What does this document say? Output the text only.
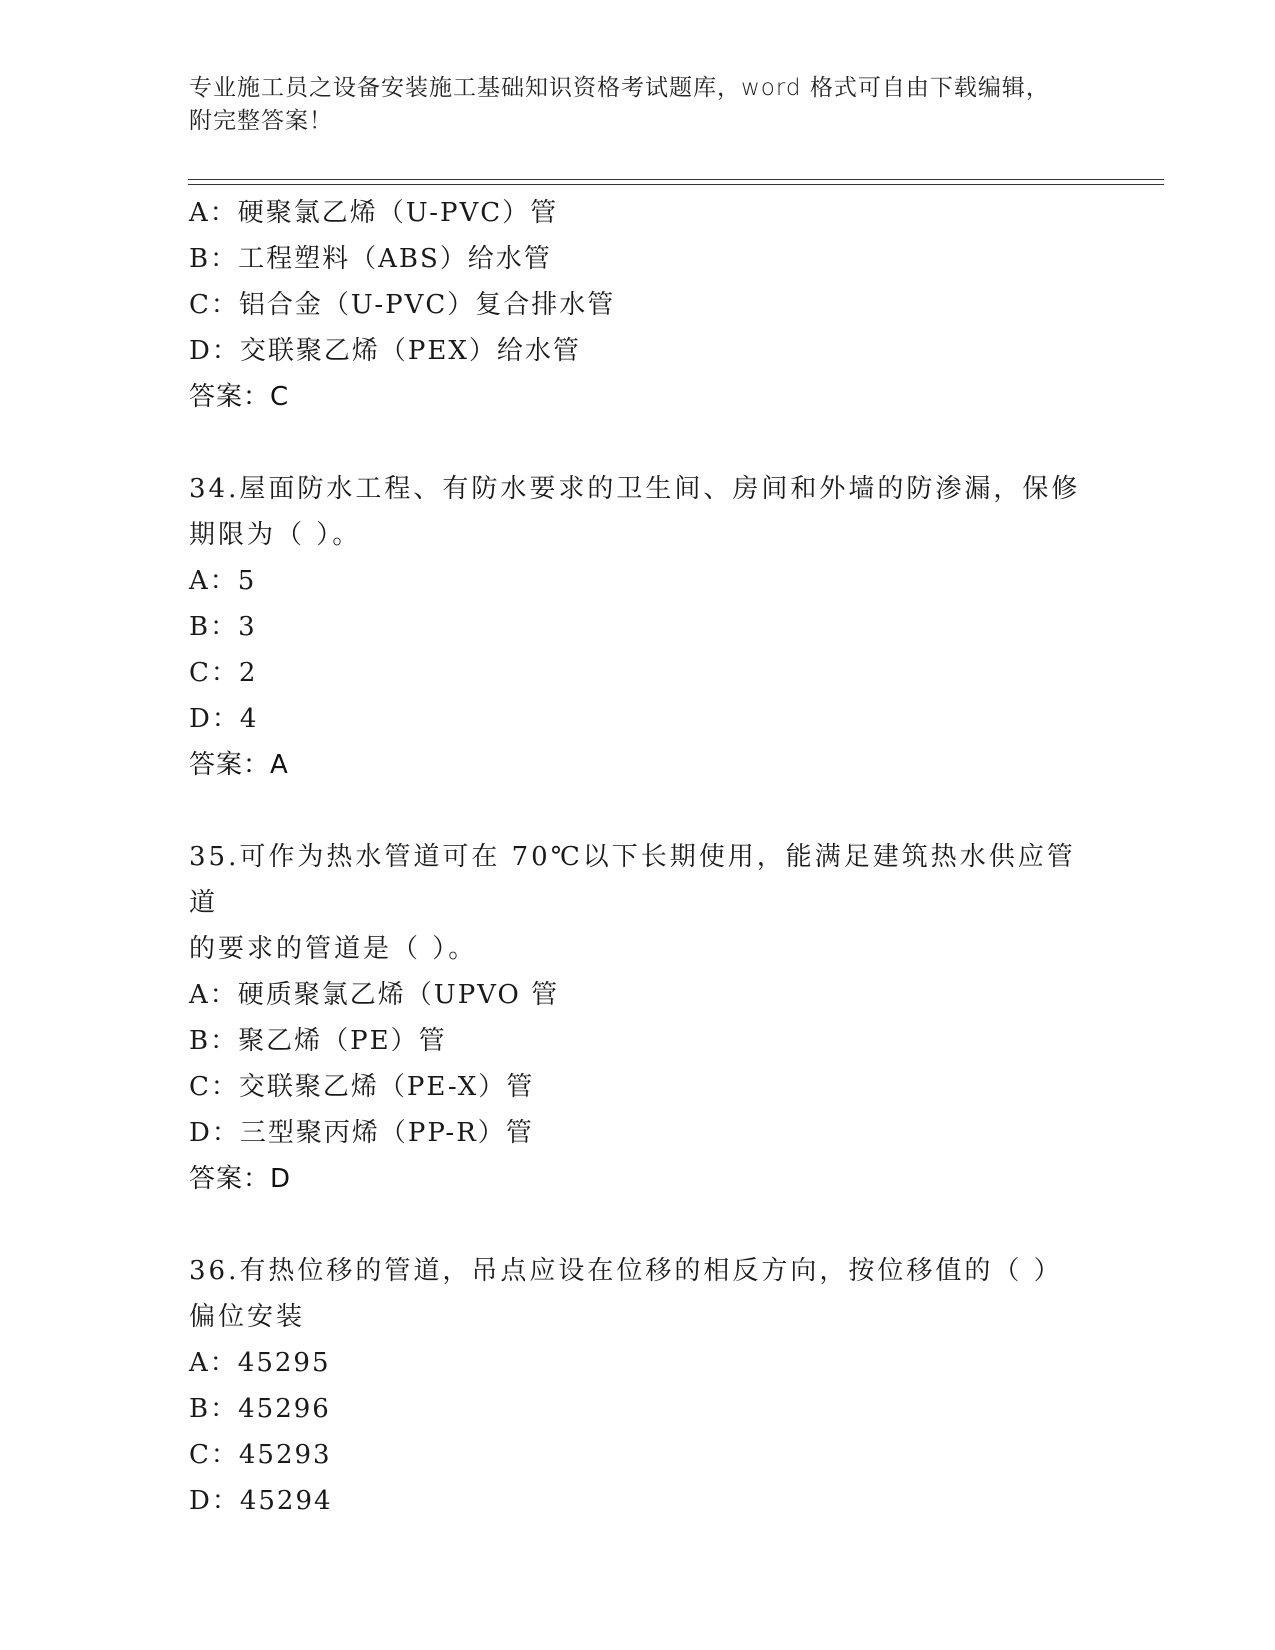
专业施工员之设备安装施工基础知识资格考试题库，word 格式可自由下载编辑，
附完整答案！
A：硬聚氯乙烯（U-PVC）管
B：工程塑料（ABS）给水管
C：铝合金（U-PVC）复合排水管
D：交联聚乙烯（PEX）给水管
答案：C
34.屋面防水工程、有防水要求的卫生间、房间和外墙的防渗漏，保修
期限为（ ）。
A：5
B：3
C：2
D：4
答案：A
35.可作为热水管道可在 70℃以下长期使用，能满足建筑热水供应管道
的要求的管道是（ ）。
A：硬质聚氯乙烯（UPVO 管
B：聚乙烯（PE）管
C：交联聚乙烯（PE-X）管
D：三型聚丙烯（PP-R）管
答案：D
36.有热位移的管道，吊点应设在位移的相反方向，按位移值的（ ）
偏位安装
A：45295
B：45296
C：45293
D：45294
